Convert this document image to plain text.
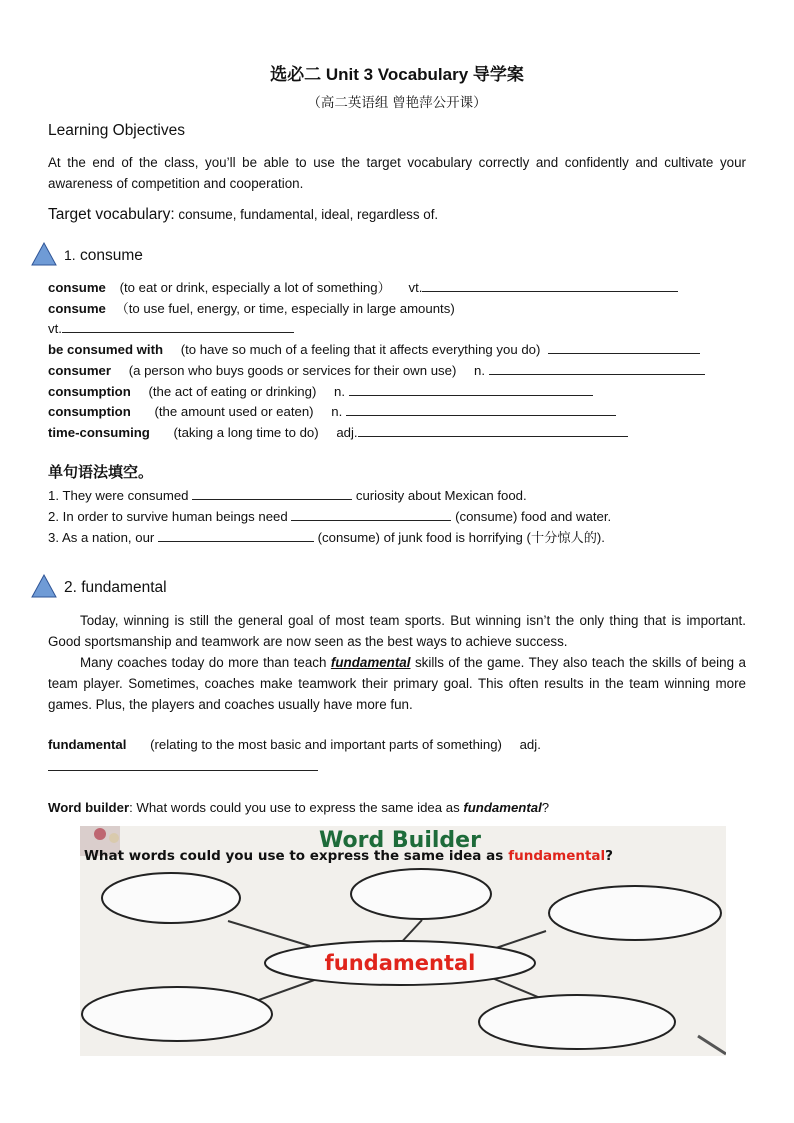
选必二 Unit 3 Vocabulary 导学案
（高二英语组 曾艳萍公开课）
Learning Objectives
At the end of the class, you’ll be able to use the target vocabulary correctly and confidently and cultivate your awareness of competition and cooperation.
Target vocabulary: consume, fundamental, ideal, regardless of.
1. consume
consume (to eat or drink, especially a lot of something） vt.
consume （to use fuel, energy, or time, especially in large amounts)
vt.
be consumed with (to have so much of a feeling that it affects everything you do)
consumer (a person who buys goods or services for their own use) n.
consumption (the act of eating or drinking) n.
consumption (the amount used or eaten) n.
time-consuming (taking a long time to do) adj.
单句语法填空。
1. They were consumed	curiosity about Mexican food.
2. In order to survive human beings need	(consume) food and water.
3. As a nation, our	(consume) of junk food is horrifying (十分惊人的).
2. fundamental
Today, winning is still the general goal of most team sports. But winning isn’t the only thing that is important. Good sportsmanship and teamwork are now seen as the best ways to achieve success.
Many coaches today do more than teach fundamental skills of the game. They also teach the skills of being a team player. Sometimes, coaches make teamwork their primary goal. This often results in the team winning more games. Plus, the players and coaches usually have more fun.
fundamental (relating to the most basic and important parts of something) adj.
Word builder: What words could you use to express the same idea as fundamental?
Word Builder
What words could you use to express the same idea as fundamental?
fundamental
